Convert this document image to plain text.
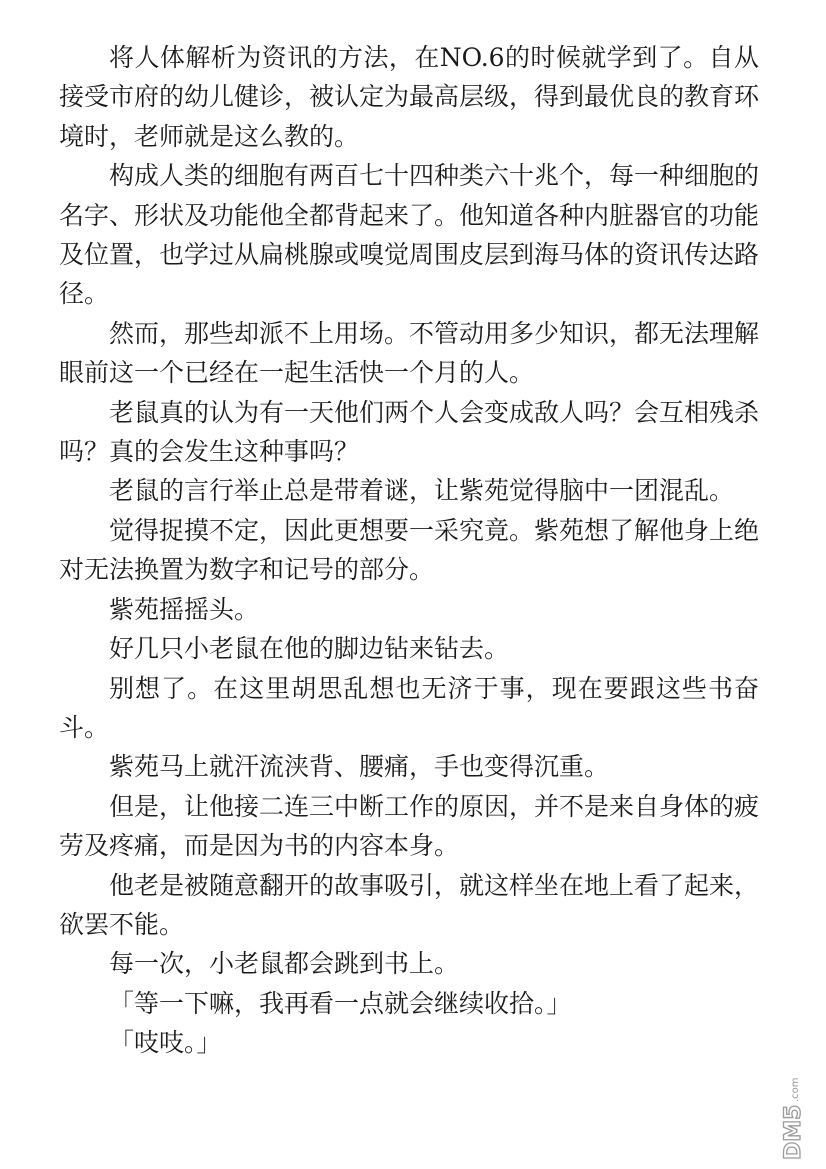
将人体解析为资讯的方法，在NO.6的时候就学到了。自从接受市府的幼儿健诊，被认定为最高层级，得到最优良的教育环境时，老师就是这么教的。

构成人类的细胞有两百七十四种类六十兆个，每一种细胞的名字、形状及功能他全都背起来了。他知道各种内脏器官的功能及位置，也学过从扁桃腺或嗅觉周围皮层到海马体的资讯传达路径。

然而，那些却派不上用场。不管动用多少知识，都无法理解眼前这一个已经在一起生活快一个月的人。

老鼠真的认为有一天他们两个人会变成敌人吗？会互相残杀吗？真的会发生这种事吗？

老鼠的言行举止总是带着谜，让紫苑觉得脑中一团混乱。

觉得捉摸不定，因此更想要一采究竟。紫苑想了解他身上绝对无法换置为数字和记号的部分。

紫苑摇摇头。

好几只小老鼠在他的脚边钻来钻去。

别想了。在这里胡思乱想也无济于事，现在要跟这些书奋斗。

紫苑马上就汗流浃背、腰痛，手也变得沉重。

但是，让他接二连三中断工作的原因，并不是来自身体的疲劳及疼痛，而是因为书的内容本身。

他老是被随意翻开的故事吸引，就这样坐在地上看了起来，欲罢不能。

每一次，小老鼠都会跳到书上。

「等一下嘛，我再看一点就会继续收拾。」

「吱吱。」

DM5
.com
